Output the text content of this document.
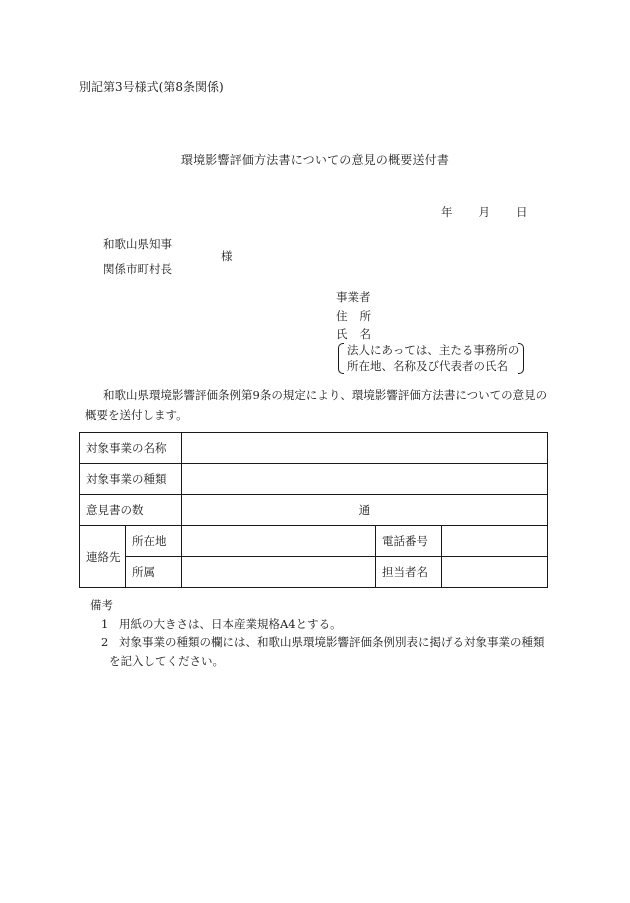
別記第3号様式(第8条関係)
環境影響評価方法書についての意見の概要送付書
年 月 日
和歌山県知事
関係市町村長
様
事業者
住 所
氏 名
法人にあっては、主たる事務所の
所在地、名称及び代表者の氏名
和歌山県環境影響評価条例第9条の規定により、環境影響評価方法書についての意見の
概要を送付します。
対象事業の名称				
対象事業の種類				
意見書の数		通		
連絡先	所在地		電話番号	
	所属		担当者名	
備考
1 用紙の大きさは、日本産業規格A4とする。
2 対象事業の種類の欄には、和歌山県環境影響評価条例別表に掲げる対象事業の種類
を記入してください。
